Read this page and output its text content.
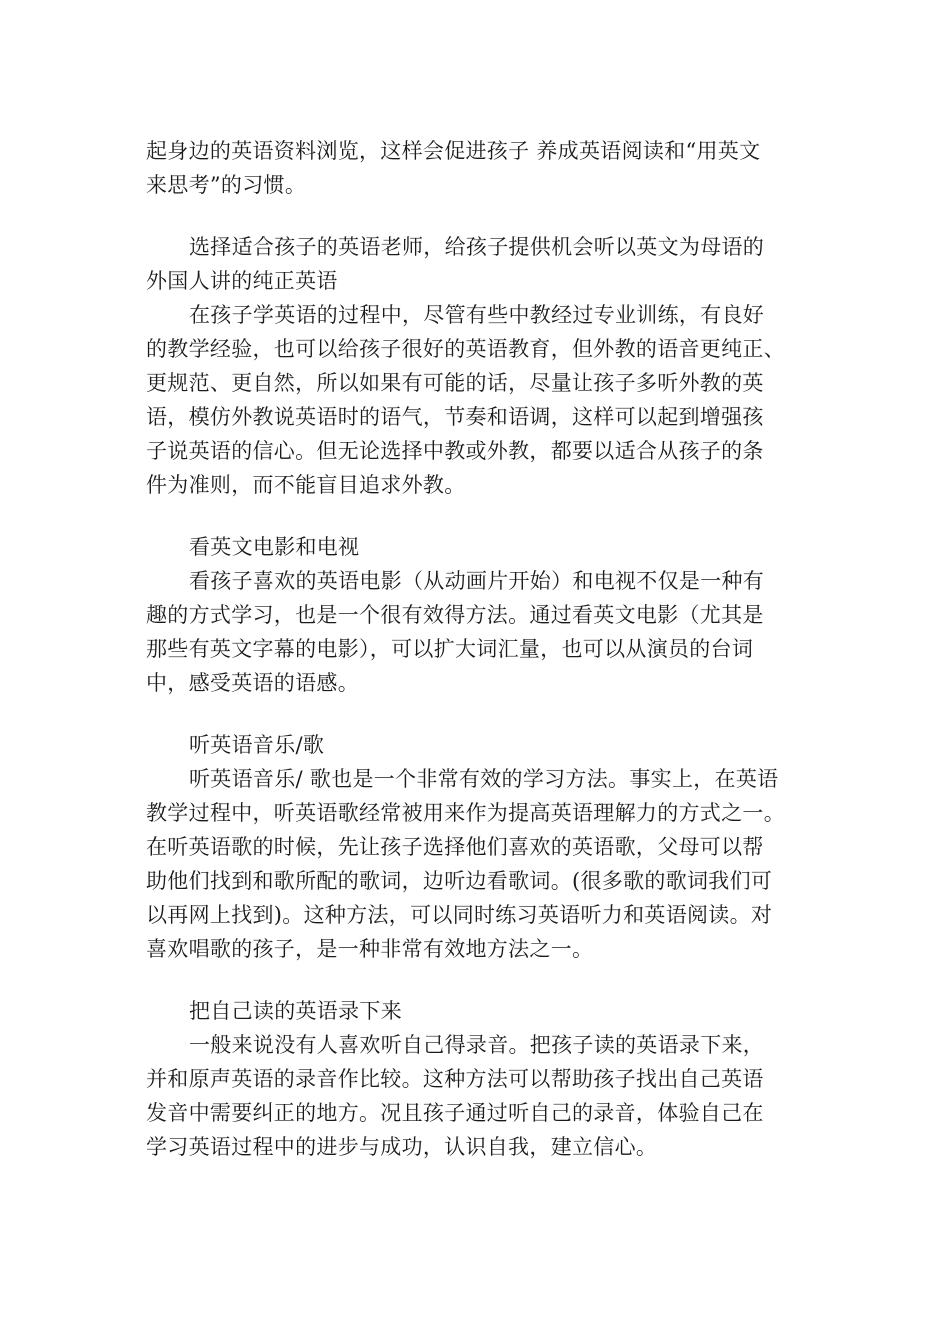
起身边的英语资料浏览，这样会促进孩子 养成英语阅读和“用英文
来思考”的习惯。
选择适合孩子的英语老师，给孩子提供机会听以英文为母语的
外国人讲的纯正英语
在孩子学英语的过程中，尽管有些中教经过专业训练，有良好
的教学经验，也可以给孩子很好的英语教育，但外教的语音更纯正、
更规范、更自然，所以如果有可能的话，尽量让孩子多听外教的英
语，模仿外教说英语时的语气，节奏和语调，这样可以起到增强孩
子说英语的信心。但无论选择中教或外教，都要以适合从孩子的条
件为准则，而不能盲目追求外教。
看英文电影和电视
看孩子喜欢的英语电影（从动画片开始）和电视不仅是一种有
趣的方式学习，也是一个很有效得方法。通过看英文电影（尤其是
那些有英文字幕的电影），可以扩大词汇量，也可以从演员的台词
中，感受英语的语感。
听英语音乐/歌
听英语音乐/ 歌也是一个非常有效的学习方法。事实上，在英语
教学过程中，听英语歌经常被用来作为提高英语理解力的方式之一。
在听英语歌的时候，先让孩子选择他们喜欢的英语歌，父母可以帮
助他们找到和歌所配的歌词，边听边看歌词。(很多歌的歌词我们可
以再网上找到)。这种方法，可以同时练习英语听力和英语阅读。对
喜欢唱歌的孩子，是一种非常有效地方法之一。
把自己读的英语录下来
一般来说没有人喜欢听自己得录音。把孩子读的英语录下来，
并和原声英语的录音作比较。这种方法可以帮助孩子找出自己英语
发音中需要纠正的地方。况且孩子通过听自己的录音，体验自己在
学习英语过程中的进步与成功，认识自我，建立信心。
